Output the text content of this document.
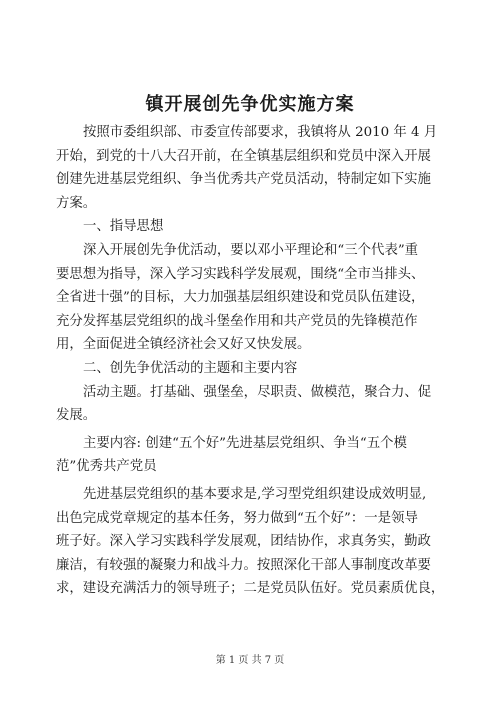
镇开展创先争优实施方案
按照市委组织部、市委宣传部要求，我镇将从 2010 年 4 月
开始，到党的十八大召开前，在全镇基层组织和党员中深入开展
创建先进基层党组织、争当优秀共产党员活动，特制定如下实施
方案。
一、指导思想
深入开展创先争优活动，要以邓小平理论和“三个代表”重
要思想为指导，深入学习实践科学发展观，围绕“全市当排头、
全省进十强”的目标，大力加强基层组织建设和党员队伍建设，
充分发挥基层党组织的战斗堡垒作用和共产党员的先锋模范作
用，全面促进全镇经济社会又好又快发展。
二、创先争优活动的主题和主要内容
活动主题。打基础、强堡垒，尽职责、做模范，聚合力、促
发展。
主要内容: 创建“五个好”先进基层党组织、争当“五个模
范”优秀共产党员
先进基层党组织的基本要求是,学习型党组织建设成效明显,
出色完成党章规定的基本任务，努力做到“五个好”：一是领导
班子好。深入学习实践科学发展观，团结协作，求真务实，勤政
廉洁，有较强的凝聚力和战斗力。按照深化干部人事制度改革要
求，建设充满活力的领导班子；二是党员队伍好。党员素质优良，
第 1 页 共 7 页
